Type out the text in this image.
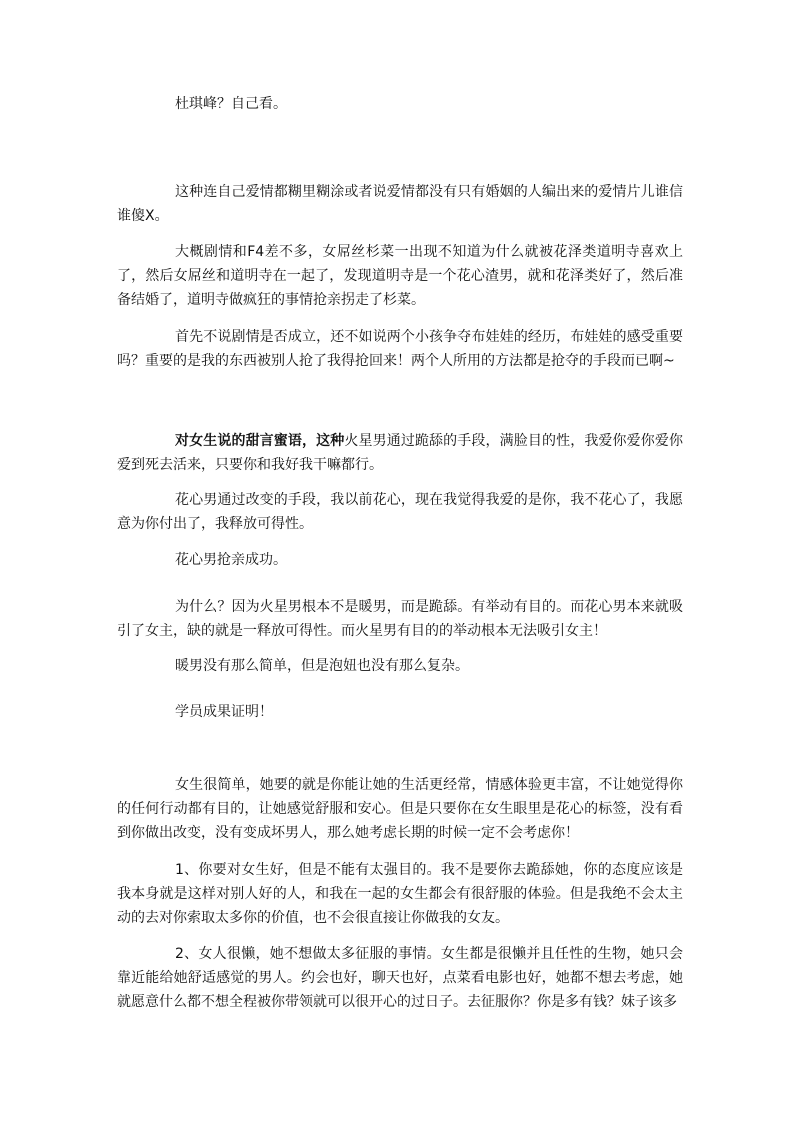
杜琪峰？自己看。

这种连自己爱情都糊里糊涂或者说爱情都没有只有婚姻的人编出来的爱情片儿谁信谁傻X。

大概剧情和F4差不多，女屌丝杉菜一出现不知道为什么就被花泽类道明寺喜欢上了，然后女屌丝和道明寺在一起了，发现道明寺是一个花心渣男，就和花泽类好了，然后准备结婚了，道明寺做疯狂的事情抢亲拐走了杉菜。

首先不说剧情是否成立，还不如说两个小孩争夺布娃娃的经历，布娃娃的感受重要吗？重要的是我的东西被别人抢了我得抢回来！两个人所用的方法都是抢夺的手段而已啊~

对女生说的甜言蜜语，这种火星男通过跪舔的手段，满脸目的性，我爱你爱你爱你爱到死去活来，只要你和我好我干嘛都行。

花心男通过改变的手段，我以前花心，现在我觉得我爱的是你，我不花心了，我愿意为你付出了，我释放可得性。

花心男抢亲成功。

为什么？因为火星男根本不是暖男，而是跪舔。有举动有目的。而花心男本来就吸引了女主，缺的就是一释放可得性。而火星男有目的的举动根本无法吸引女主！

暖男没有那么简单，但是泡妞也没有那么复杂。

学员成果证明！

女生很简单，她要的就是你能让她的生活更经常，情感体验更丰富，不让她觉得你的任何行动都有目的，让她感觉舒服和安心。但是只要你在女生眼里是花心的标签，没有看到你做出改变，没有变成坏男人，那么她考虑长期的时候一定不会考虑你！

1、你要对女生好，但是不能有太强目的。我不是要你去跪舔她，你的态度应该是我本身就是这样对别人好的人，和我在一起的女生都会有很舒服的体验。但是我绝不会太主动的去对你索取太多你的价值，也不会很直接让你做我的女友。

2、女人很懒，她不想做太多征服的事情。女生都是很懒并且任性的生物，她只会靠近能给她舒适感觉的男人。约会也好，聊天也好，点菜看电影也好，她都不想去考虑，她就愿意什么都不想全程被你带领就可以很开心的过日子。去征服你？你是多有钱？妹子该多
